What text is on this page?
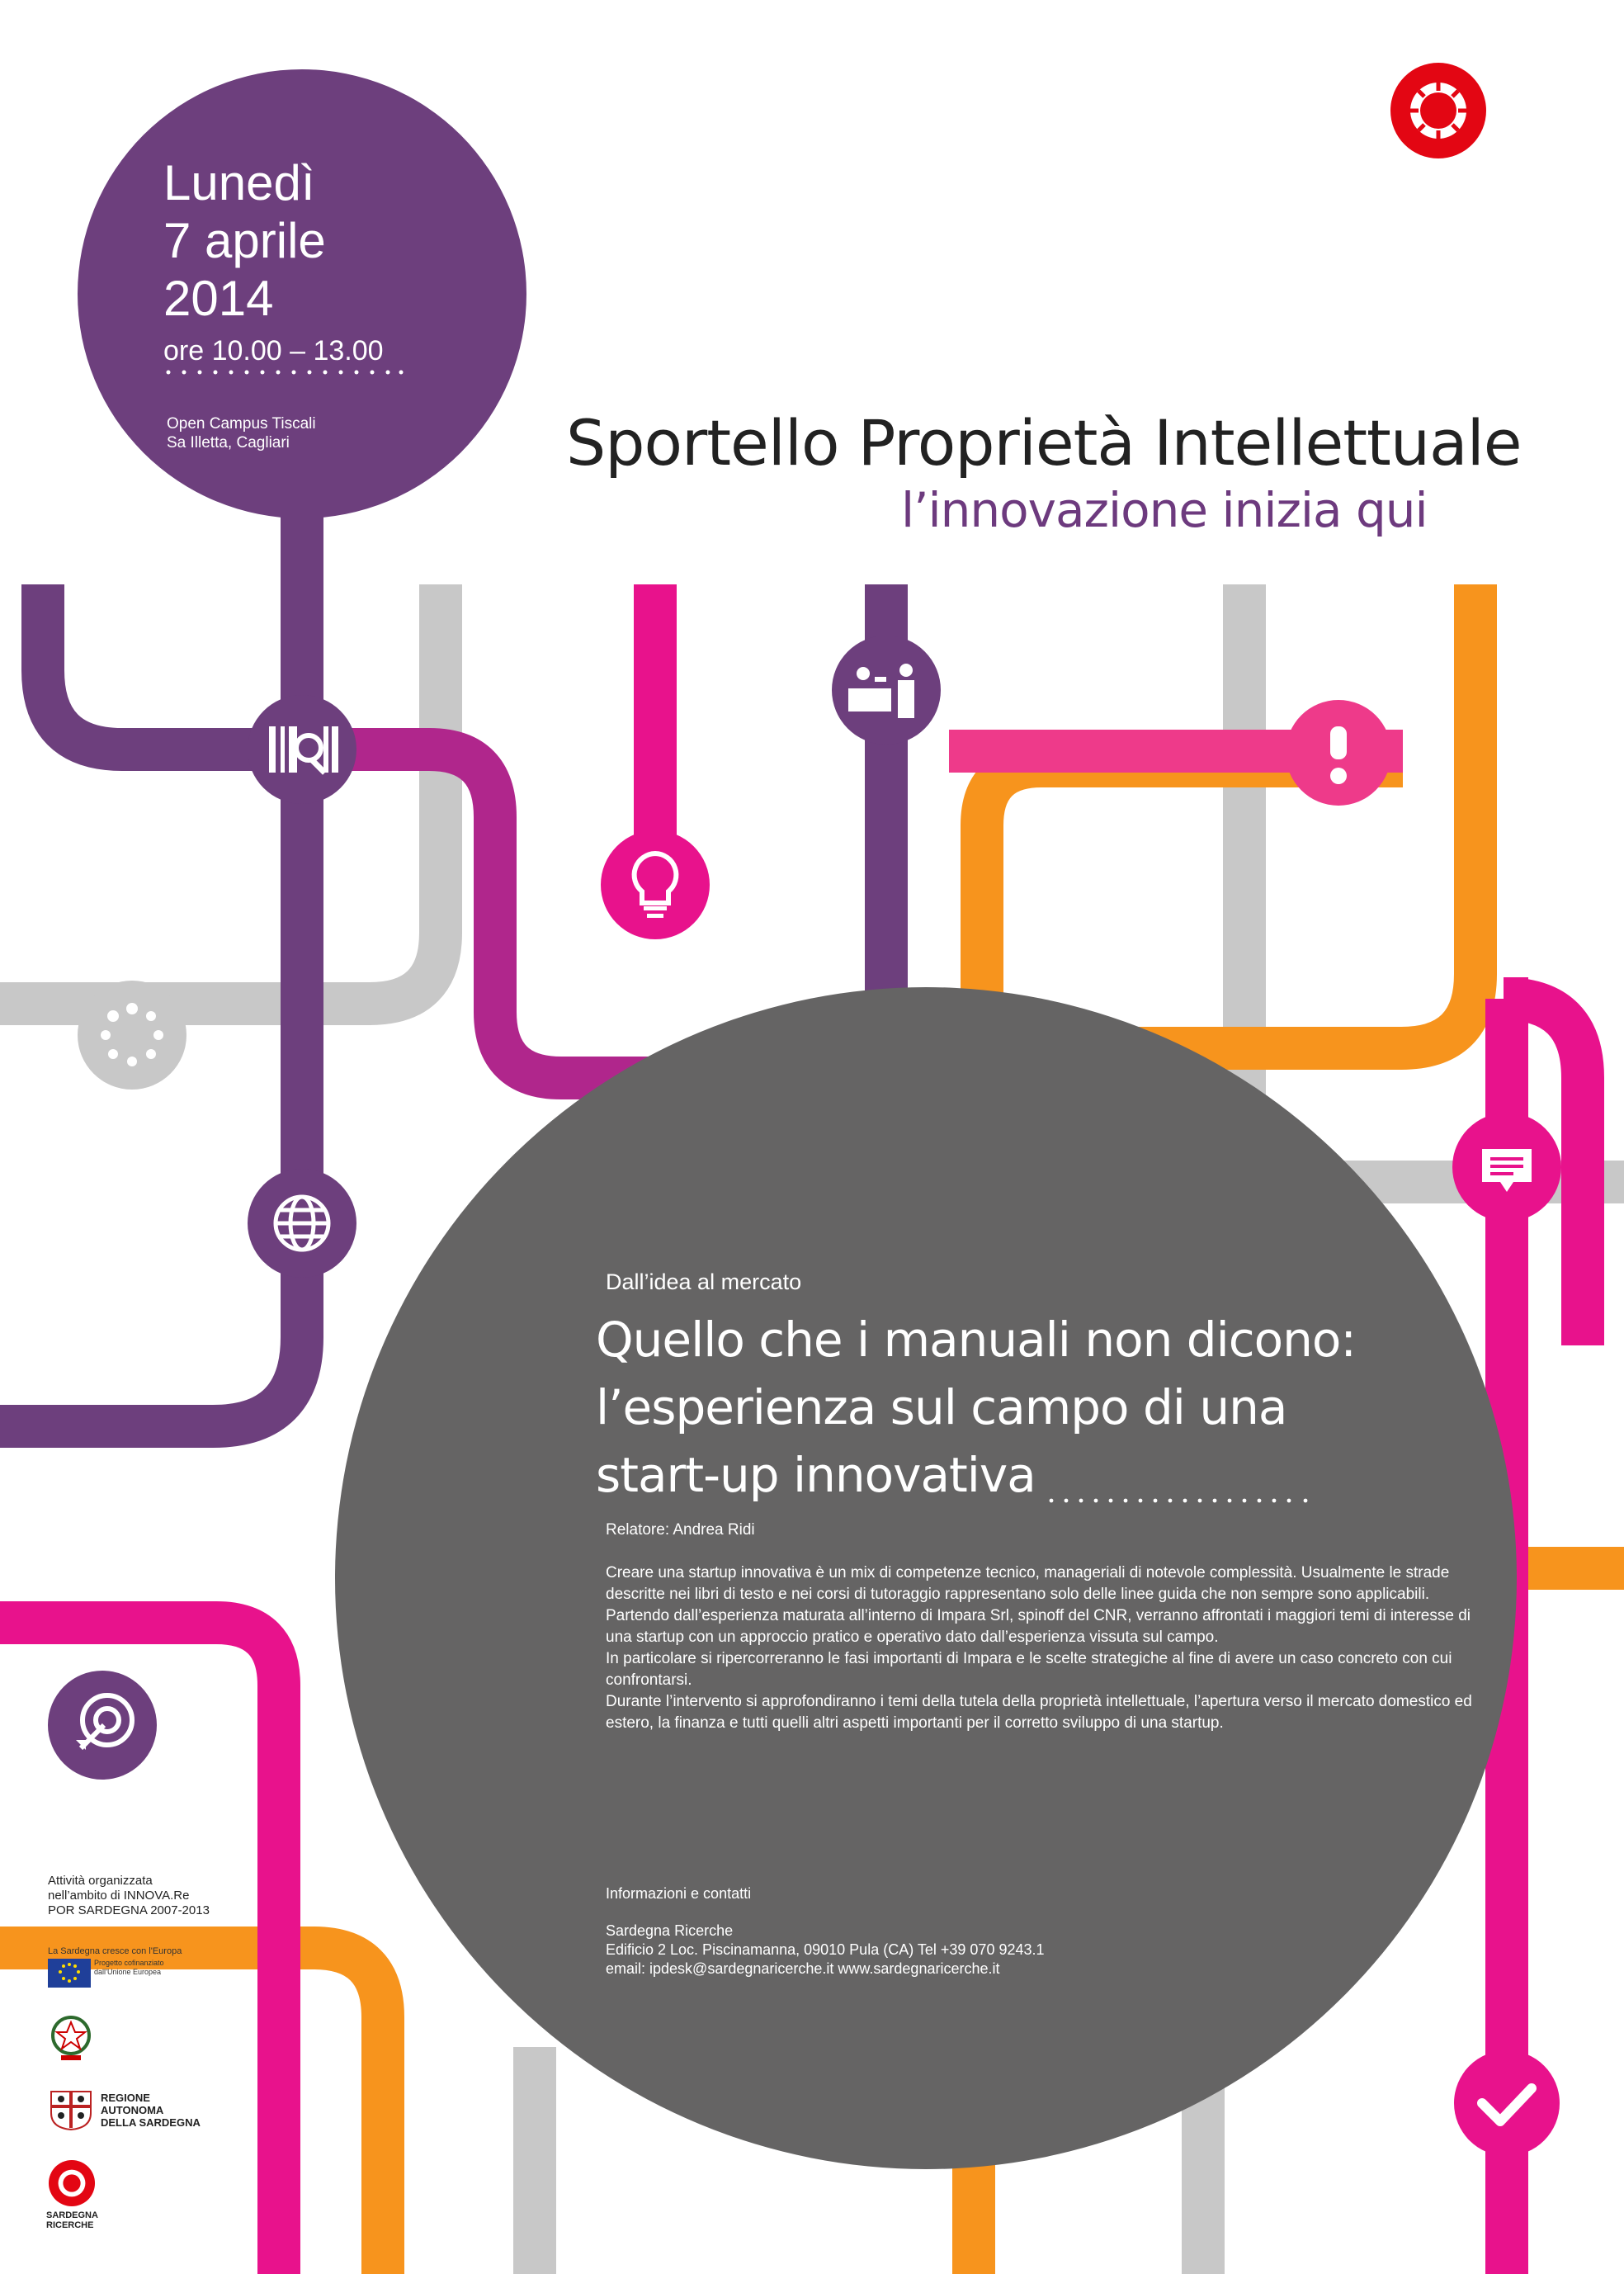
Lunedì
7 aprile
2014
ore 10.00 – 13.00
Open Campus Tiscali
Sa Illetta, Cagliari	Sportello Proprietà Intellettuale
l’innovazione inizia qui
Dall’idea al mercato
Quello che i manuali non dicono:
l’esperienza sul campo di una
start-up innovativa
Relatore: Andrea Ridi

Creare una startup innovativa è un mix di competenze tecnico, manageriali di notevole complessità. Usualmente le strade descritte nei libri di testo e nei corsi di tutoraggio rappresentano solo delle linee guida che non sempre sono applicabili.

Partendo dall’esperienza maturata all’interno di Impara Srl, spinoff del CNR, verranno affrontati i maggiori temi di interesse di una startup con un approccio pratico e operativo dato dall’esperienza vissuta sul campo.

In particolare si ripercorreranno le fasi importanti di Impara e le scelte strategiche al fine di avere un caso concreto con cui confrontarsi.

Durante l’intervento si approfondiranno i temi della tutela della proprietà intellettuale, l’apertura verso il mercato domestico ed estero, la finanza e tutti quelli altri aspetti importanti per il corretto sviluppo di una startup.

Informazioni e contatti
Sardegna Ricerche
Edificio 2 Loc. Piscinamanna, 09010 Pula (CA) Tel +39 070 9243.1
email: ipdesk@sardegnaricerche.it www.sardegnaricerche.it
Attività organizzata
nell’ambito di INNOVA.Re
POR SARDEGNA 2007-2013
La Sardegna cresce con l'Europa
Progetto cofinanziato
dall’Unione Europea
REGIONE
AUTONOMA
DELLA SARDEGNA
SARDEGNA
RICERCHE
